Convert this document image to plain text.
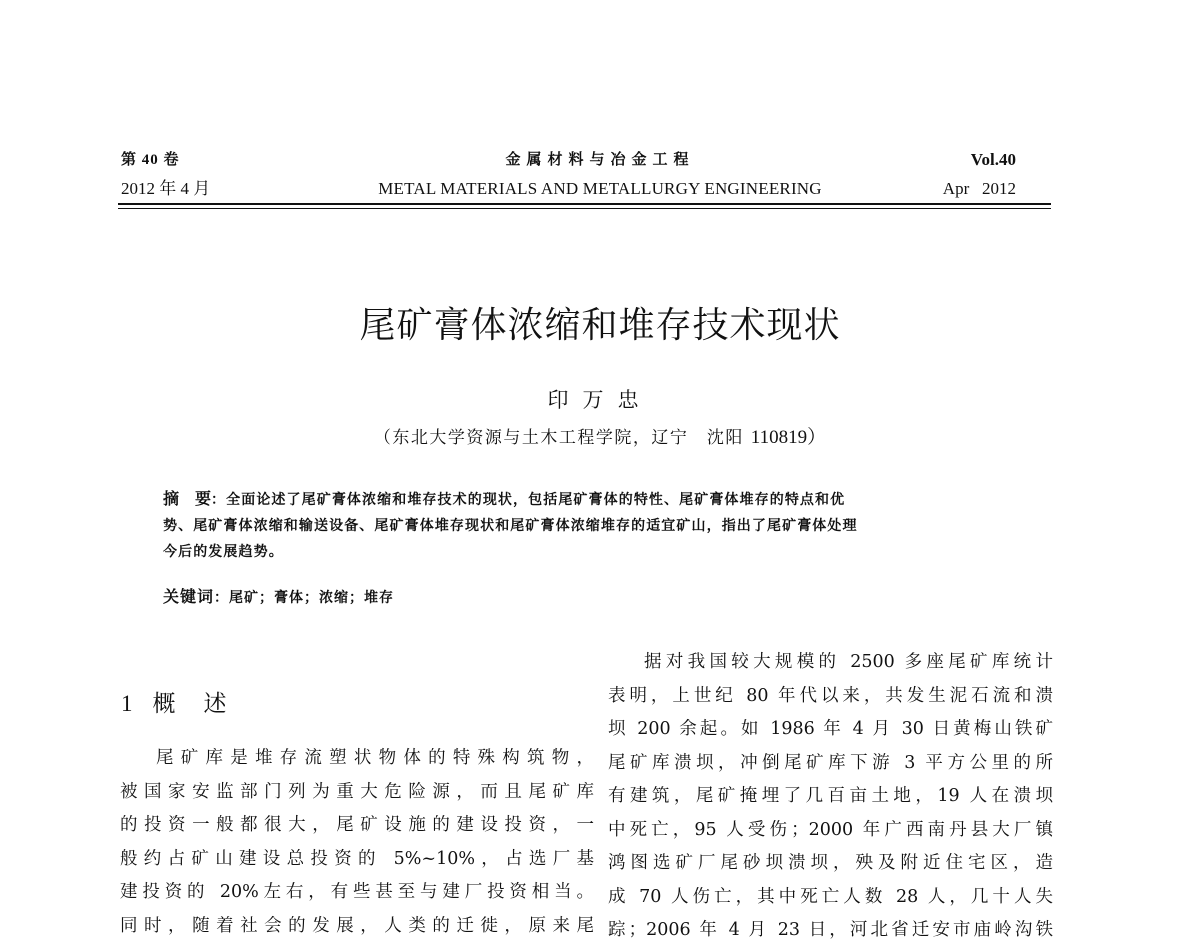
第 40 卷
2012 年 4 月
金属材料与冶金工程
METAL MATERIALS AND METALLURGY ENGINEERING
Vol.40
Apr   2012
尾矿膏体浓缩和堆存技术现状
印万忠
（东北大学资源与土木工程学院，辽宁　沈阳 110819）
摘　要：全面论述了尾矿膏体浓缩和堆存技术的现状，包括尾矿膏体的特性、尾矿膏体堆存的特点和优
势、尾矿膏体浓缩和输送设备、尾矿膏体堆存现状和尾矿膏体浓缩堆存的适宜矿山，指出了尾矿膏体处理
今后的发展趋势。
关键词：尾矿；膏体；浓缩；堆存
1 概述
尾矿库是堆存流塑状物体的特殊构筑物，
被国家安监部门列为重大危险源，而且尾矿库
的投资一般都很大，尾矿设施的建设投资，一
般约占矿山建设总投资的 5%~10%，占选厂基
建投资的 20%左右，有些甚至与建厂投资相当。
同时，随着社会的发展，人类的迁徙，原来尾
据对我国较大规模的 2500 多座尾矿库统计
表明，上世纪 80 年代以来，共发生泥石流和溃
坝 200 余起。如 1986 年 4 月 30 日黄梅山铁矿
尾矿库溃坝，冲倒尾矿库下游 3 平方公里的所
有建筑，尾矿掩埋了几百亩土地，19 人在溃坝
中死亡，95 人受伤；2000 年广西南丹县大厂镇
鸿图选矿厂尾砂坝溃坝，殃及附近住宅区，造
成 70 人伤亡，其中死亡人数 28 人，几十人失
踪；2006 年 4 月 23 日，河北省迁安市庙岭沟铁
